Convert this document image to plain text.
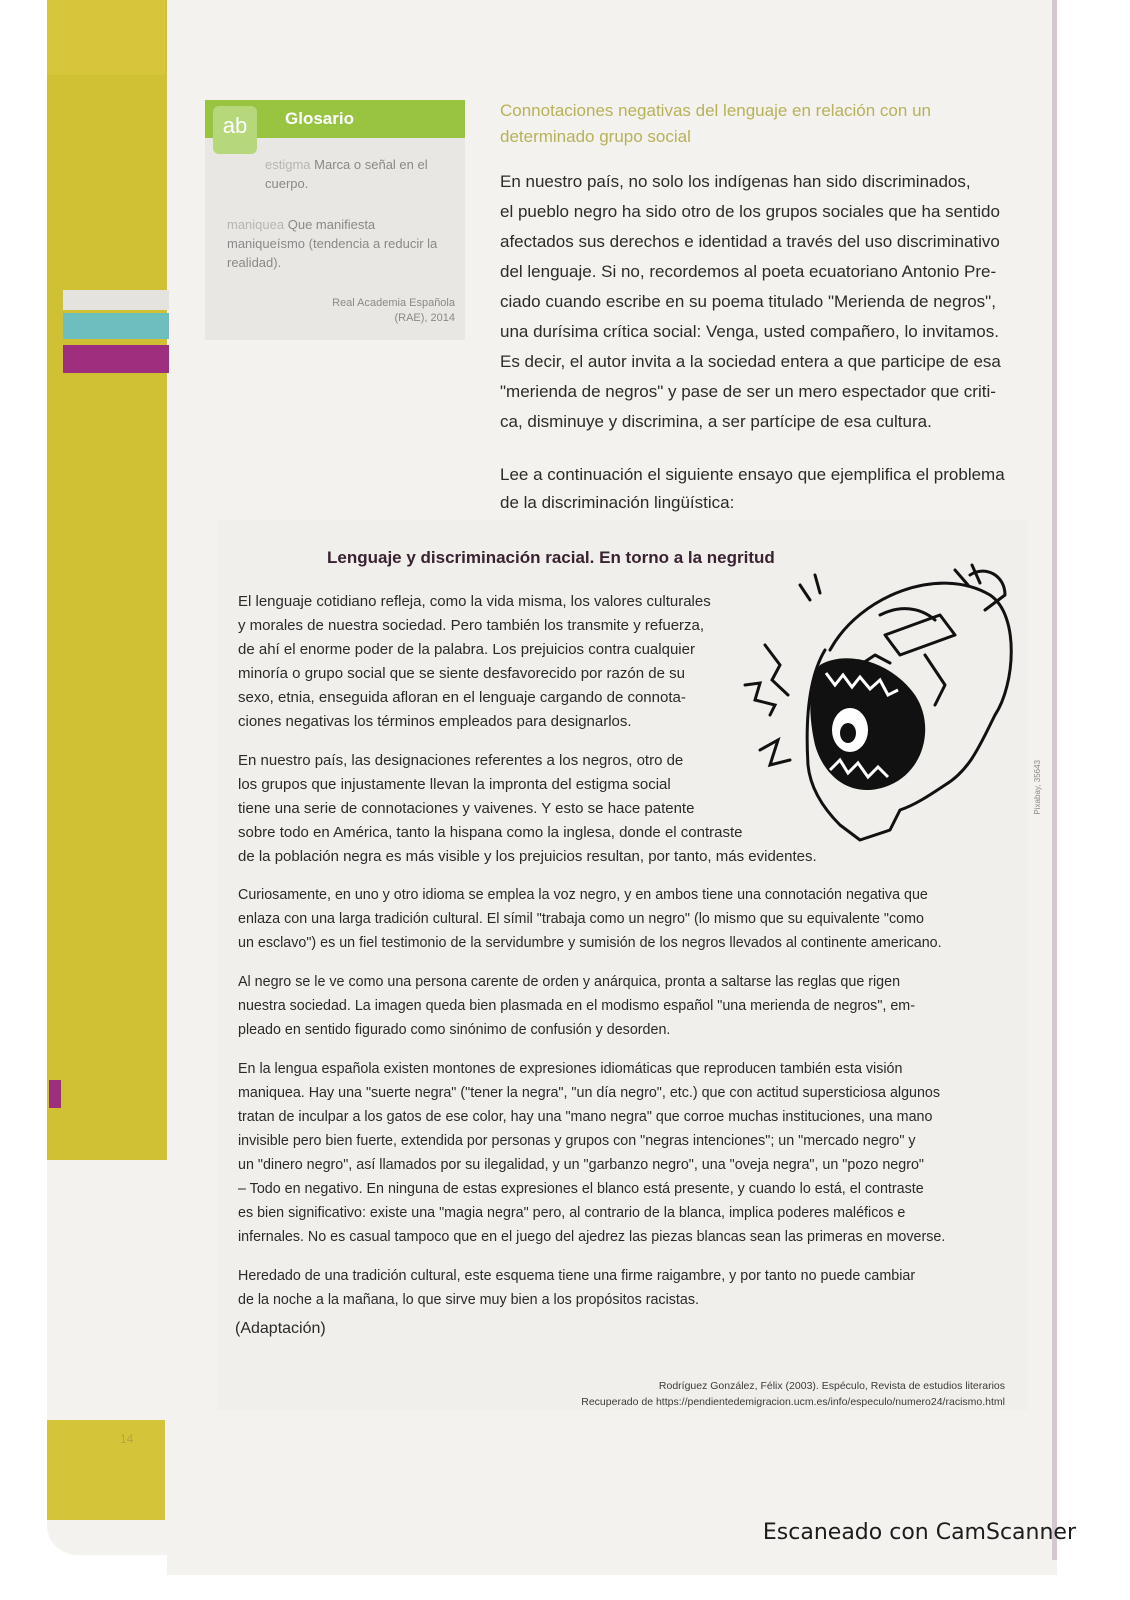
14
ab	Glosario
estigma Marca o señal en el cuerpo.
maniquea Que manifiesta maniqueísmo (tendencia a reducir la realidad).
Real Academia Española
(RAE), 2014
Connotaciones negativas del lenguaje en relación con un
determinado grupo social
En nuestro país, no solo los indígenas han sido discriminados,
el pueblo negro ha sido otro de los grupos sociales que ha sentido
afectados sus derechos e identidad a través del uso discriminativo
del lenguaje. Si no, recordemos al poeta ecuatoriano Antonio Pre-
ciado cuando escribe en su poema titulado "Merienda de negros",
una durísima crítica social: Venga, usted compañero, lo invitamos.
Es decir, el autor invita a la sociedad entera a que participe de esa
"merienda de negros" y pase de ser un mero espectador que criti-
ca, disminuye y discrimina, a ser partícipe de esa cultura.
Lee a continuación el siguiente ensayo que ejemplifica el problema
de la discriminación lingüística:
Lenguaje y discriminación racial. En torno a la negritud
El lenguaje cotidiano refleja, como la vida misma, los valores culturales
y morales de nuestra sociedad. Pero también los transmite y refuerza,
de ahí el enorme poder de la palabra. Los prejuicios contra cualquier
minoría o grupo social que se siente desfavorecido por razón de su
sexo, etnia, enseguida afloran en el lenguaje cargando de connota-
ciones negativas los términos empleados para designarlos.
En nuestro país, las designaciones referentes a los negros, otro de
los grupos que injustamente llevan la impronta del estigma social
tiene una serie de connotaciones y vaivenes. Y esto se hace patente
sobre todo en América, tanto la hispana como la inglesa, donde el contraste
de la población negra es más visible y los prejuicios resultan, por tanto, más evidentes.
Curiosamente, en uno y otro idioma se emplea la voz negro, y en ambos tiene una connotación negativa que
enlaza con una larga tradición cultural. El símil "trabaja como un negro" (lo mismo que su equivalente "como
un esclavo") es un fiel testimonio de la servidumbre y sumisión de los negros llevados al continente americano.
Al negro se le ve como una persona carente de orden y anárquica, pronta a saltarse las reglas que rigen
nuestra sociedad. La imagen queda bien plasmada en el modismo español "una merienda de negros", em-
pleado en sentido figurado como sinónimo de confusión y desorden.
En la lengua española existen montones de expresiones idiomáticas que reproducen también esta visión
maniquea. Hay una "suerte negra" ("tener la negra", "un día negro", etc.) que con actitud supersticiosa algunos
tratan de inculpar a los gatos de ese color, hay una "mano negra" que corroe muchas instituciones, una mano
invisible pero bien fuerte, extendida por personas y grupos con "negras intenciones"; un "mercado negro" y
un "dinero negro", así llamados por su ilegalidad, y un "garbanzo negro", una "oveja negra", un "pozo negro"
– Todo en negativo. En ninguna de estas expresiones el blanco está presente, y cuando lo está, el contraste
es bien significativo: existe una "magia negra" pero, al contrario de la blanca, implica poderes maléficos e
infernales. No es casual tampoco que en el juego del ajedrez las piezas blancas sean las primeras en moverse.
Heredado de una tradición cultural, este esquema tiene una firme raigambre, y por tanto no puede cambiar
de la noche a la mañana, lo que sirve muy bien a los propósitos racistas.
(Adaptación)
Rodríguez González, Félix (2003). Espéculo, Revista de estudios literarios
Recuperado de https://pendientedemigracion.ucm.es/info/especulo/numero24/racismo.html
Pixabay, 35643
Escaneado con CamScanner
